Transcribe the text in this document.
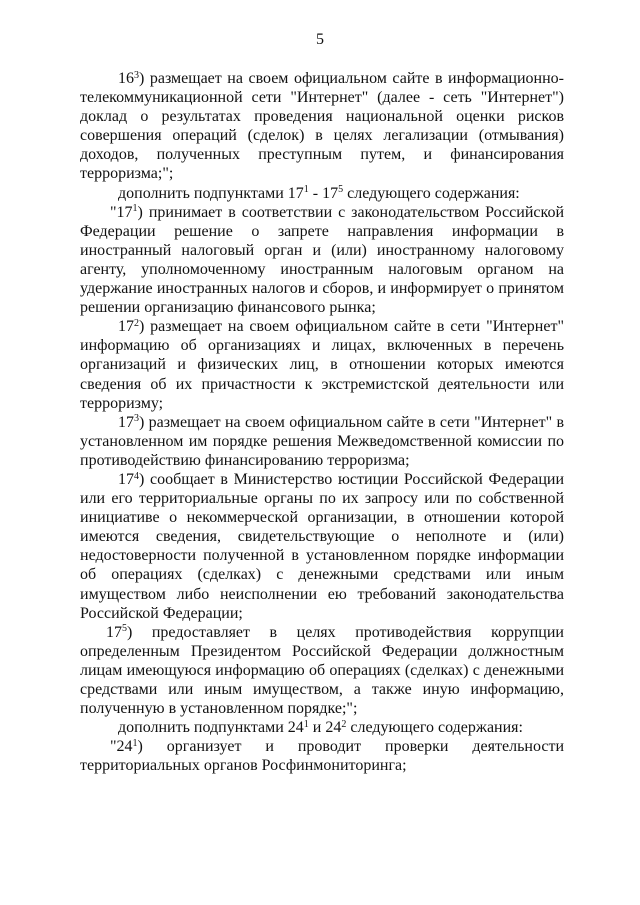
5

$16^3$) размещает на своем официальном сайте в информационно-телекоммуникационной сети "Интернет" (далее - сеть "Интернет") доклад о результатах проведения национальной оценки рисков совершения операций (сделок) в целях легализации (отмывания) доходов, полученных преступным путем, и финансирования терроризма;";

дополнить подпунктами $17^1 - 17^5$ следующего содержания:

"$17^1$) принимает в соответствии с законодательством Российской Федерации решение о запрете направления информации в иностранный налоговый орган и (или) иностранному налоговому агенту, уполномоченному иностранным налоговым органом на удержание иностранных налогов и сборов, и информирует о принятом решении организацию финансового рынка;

$17^2$) размещает на своем официальном сайте в сети "Интернет" информацию об организациях и лицах, включенных в перечень организаций и физических лиц, в отношении которых имеются сведения об их причастности к экстремистской деятельности или терроризму;

$17^3$) размещает на своем официальном сайте в сети "Интернет" в установленном им порядке решения Межведомственной комиссии по противодействию финансированию терроризма;

$17^4$) сообщает в Министерство юстиции Российской Федерации или его территориальные органы по их запросу или по собственной инициативе о некоммерческой организации, в отношении которой имеются сведения, свидетельствующие о неполноте и (или) недостоверности полученной в установленном порядке информации об операциях (сделках) с денежными средствами или иным имуществом либо неисполнении ею требований законодательства Российской Федерации;

$17^5$) предоставляет в целях противодействия коррупции определенным Президентом Российской Федерации должностным лицам имеющуюся информацию об операциях (сделках) с денежными средствами или иным имуществом, а также иную информацию, полученную в установленном порядке;";

дополнить подпунктами $24^1$ и $24^2$ следующего содержания:

"$24^1$) организует и проводит проверки деятельности территориальных органов Росфинмониторинга;
